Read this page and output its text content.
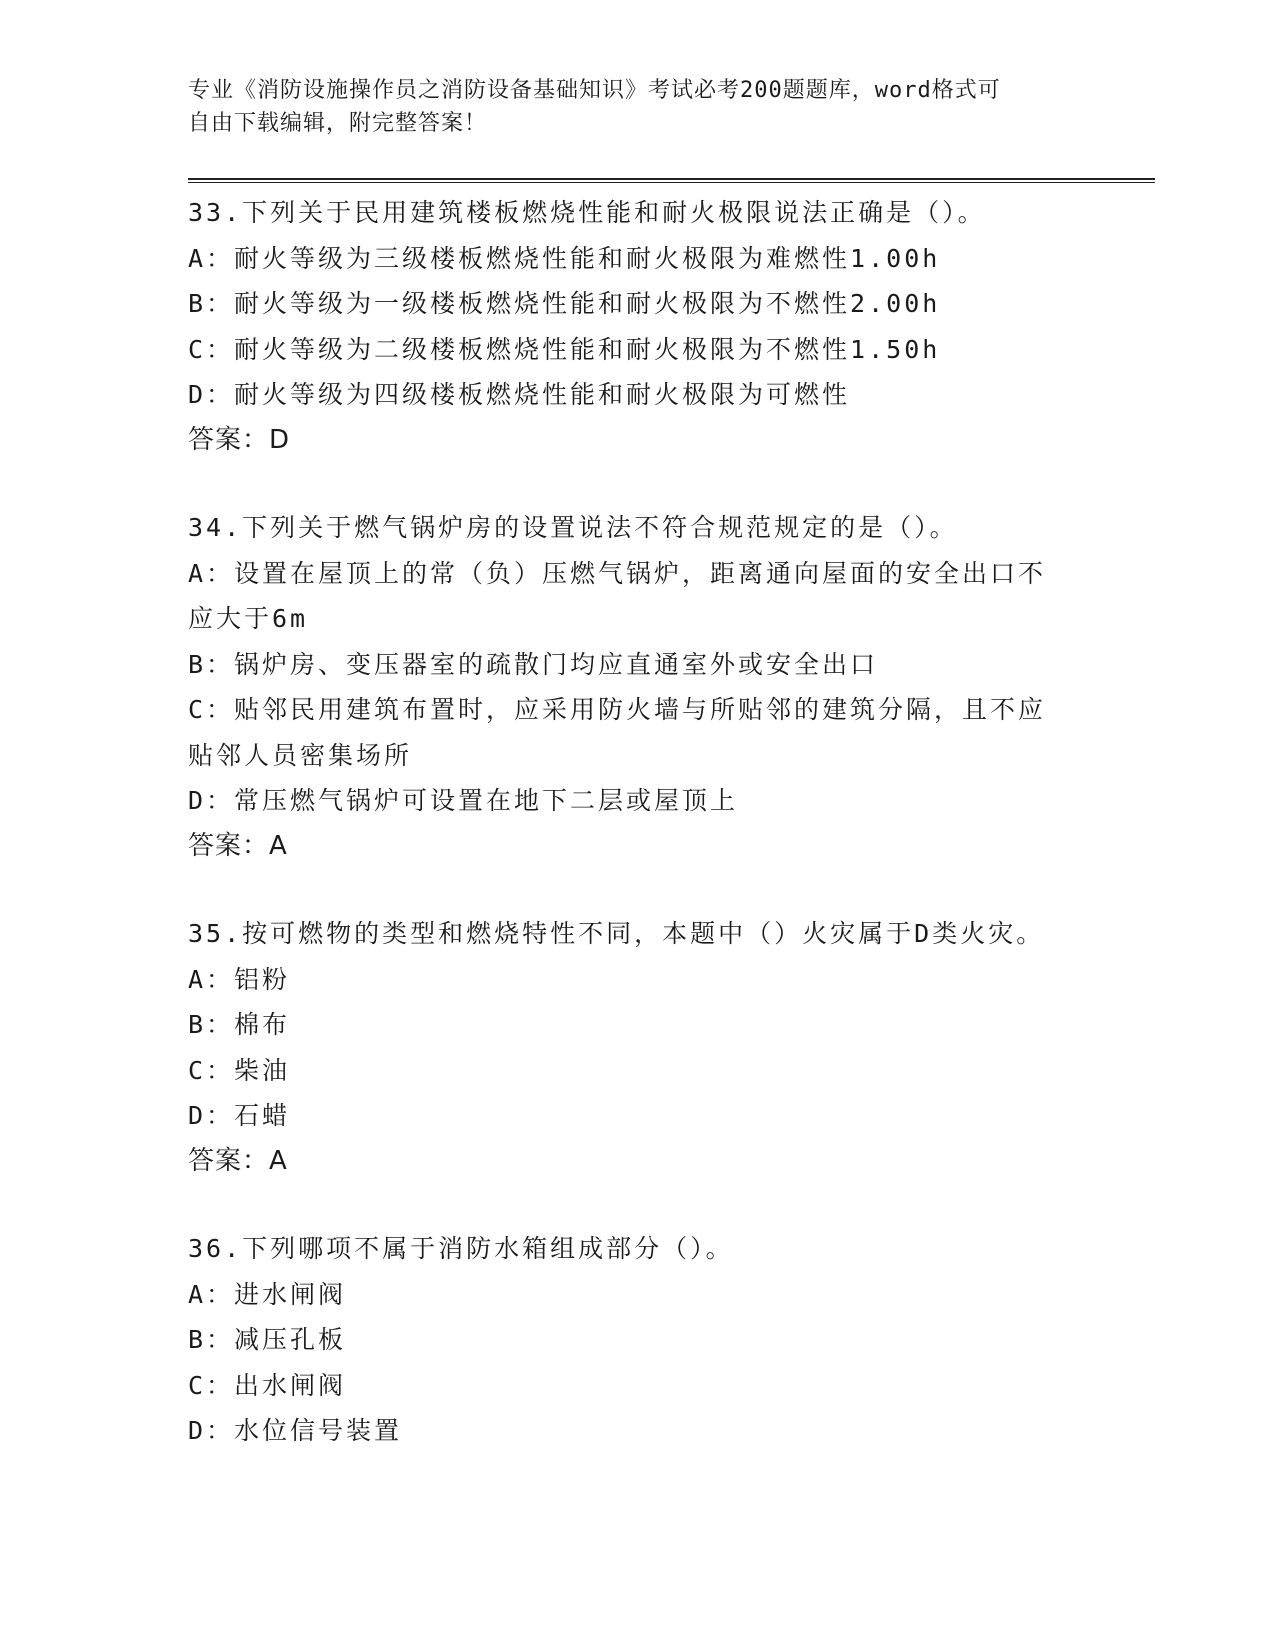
专业《消防设施操作员之消防设备基础知识》考试必考200题题库，word格式可
自由下载编辑，附完整答案！
33.下列关于民用建筑楼板燃烧性能和耐火极限说法正确是（）。
A：耐火等级为三级楼板燃烧性能和耐火极限为难燃性1.00h
B：耐火等级为一级楼板燃烧性能和耐火极限为不燃性2.00h
C：耐火等级为二级楼板燃烧性能和耐火极限为不燃性1.50h
D：耐火等级为四级楼板燃烧性能和耐火极限为可燃性
答案：D
34.下列关于燃气锅炉房的设置说法不符合规范规定的是（）。
A：设置在屋顶上的常（负）压燃气锅炉，距离通向屋面的安全出口不
应大于6m
B：锅炉房、变压器室的疏散门均应直通室外或安全出口
C：贴邻民用建筑布置时，应采用防火墙与所贴邻的建筑分隔，且不应
贴邻人员密集场所
D：常压燃气锅炉可设置在地下二层或屋顶上
答案：A
35.按可燃物的类型和燃烧特性不同，本题中（）火灾属于D类火灾。
A：铝粉
B：棉布
C：柴油
D：石蜡
答案：A
36.下列哪项不属于消防水箱组成部分（）。
A：进水闸阀
B：减压孔板
C：出水闸阀
D：水位信号装置
